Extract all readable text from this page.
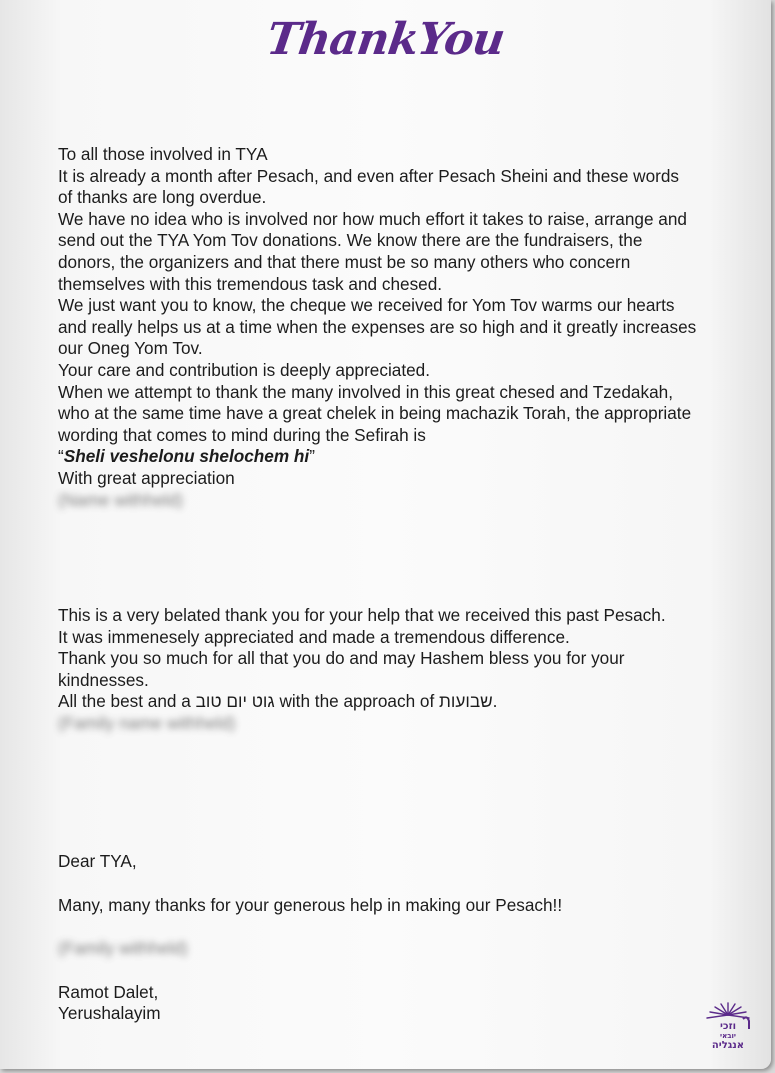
ThankYou

To all those involved in TYA

It is already a month after Pesach, and even after Pesach Sheini and these words of thanks are long overdue.

We have no idea who is involved nor how much effort it takes to raise, arrange and send out the TYA Yom Tov donations. We know there are the fundraisers, the donors, the organizers and that there must be so many others who concern themselves with this tremendous task and chesed.

We just want you to know, the cheque we received for Yom Tov warms our hearts and really helps us at a time when the expenses are so high and it greatly increases our Oneg Yom Tov.

Your care and contribution is deeply appreciated.

When we attempt to thank the many involved in this great chesed and Tzedakah, who at the same time have a great chelek in being machazik Torah, the appropriate wording that comes to mind during the Sefirah is

“Sheli veshelonu shelochem hi”

With great appreciation

(Name withheld)

This is a very belated thank you for your help that we received this past Pesach.

It was immenesely appreciated and made a tremendous difference.

Thank you so much for all that you do and may Hashem bless you for your kindnesses.

All the best and a גוט יום טוב with the approach of שבועות.

(Family name withheld)

Dear TYA,

Many, many thanks for your generous help in making our Pesach!!

(Family withheld)

Ramot Dalet,

Yerushalayim

וזכי
יובאי
אנגליה
